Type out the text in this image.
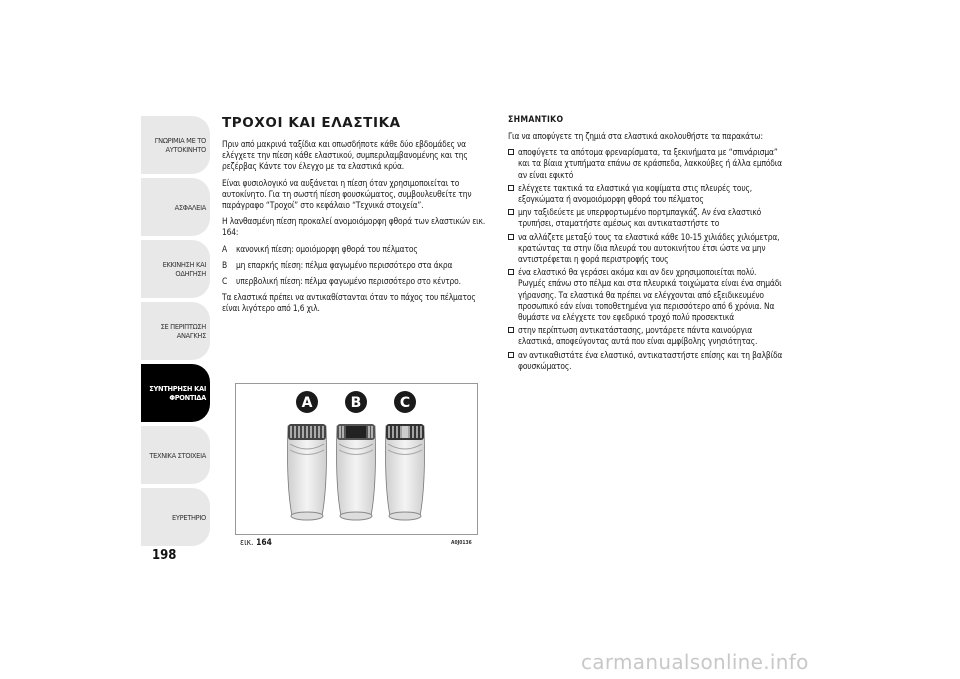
ΓΝΩΡΙΜΙΑ ΜΕ ΤΟ
ΑΥΤΟΚΙΝΗΤΟ
ΑΣΦΑΛΕΙΑ
ΕΚΚΙΝΗΣΗ ΚΑΙ
ΟΔΗΓΗΣΗ
ΣΕ ΠΕΡΙΠΤΩΣΗ
ΑΝΑΓΚΗΣ
ΣΥΝΤΗΡΗΣΗ ΚΑΙ
ΦΡΟΝΤΙΔΑ
ΤΕΧΝΙΚΑ ΣΤΟΙΧΕΙΑ
ΕΥΡΕΤΗΡΙΟ
198
ΤΡΟΧΟΙ ΚΑΙ ΕΛΑΣΤΙΚΑ

Πριν από μακρινά ταξίδια και οπωσδήποτε κάθε δύο εβδομάδες να ελέγχετε την πίεση κάθε ελαστικού, συμπεριλαμβανομένης και της ρεζέρβας Κάντε τον έλεγχο με τα ελαστικά κρύα.

Είναι φυσιολογικό να αυξάνεται η πίεση όταν χρησιμοποιείται το αυτοκίνητο. Για τη σωστή πίεση φουσκώματος, συμβουλευθείτε την παράγραφο “Τροχοί” στο κεφάλαιο “Τεχνικά στοιχεία”.

Η λανθασμένη πίεση προκαλεί ανομοιόμορφη φθορά των ελαστικών εικ. 164:

A	κανονική πίεση: ομοιόμορφη φθορά του πέλματος
B	μη επαρκής πίεση: πέλμα φαγωμένο περισσότερο στα άκρα
C	υπερβολική πίεση: πέλμα φαγωμένο περισσότερο στο κέντρο.

Τα ελαστικά πρέπει να αντικαθίστανται όταν το πάχος του πέλματος είναι λιγότερο από 1,6 χιλ.

A	B	C
εικ. 164	A0J0136
ΣΗΜΑΝΤΙΚΟ

Για να αποφύγετε τη ζημιά στα ελαστικά ακολουθήστε τα παρακάτω:

αποφύγετε τα απότομα φρεναρίσματα, τα ξεκινήματα με “σπινάρισμα” και τα βίαια χτυπήματα επάνω σε κράσπεδα, λακκούβες ή άλλα εμπόδια αν είναι εφικτό
ελέγχετε τακτικά τα ελαστικά για κοψίματα στις πλευρές τους, εξογκώματα ή ανομοιόμορφη φθορά του πέλματος
μην ταξιδεύετε με υπερφορτωμένο πορτμπαγκάζ. Αν ένα ελαστικό τρυπήσει, σταματήστε αμέσως και αντικαταστήστε το
να αλλάζετε μεταξύ τους τα ελαστικά κάθε 10-15 χιλιάδες χιλιόμετρα, κρατώντας τα στην ίδια πλευρά του αυτοκινήτου έτσι ώστε να μην αντιστρέφεται η φορά περιστροφής τους
ένα ελαστικό θα γεράσει ακόμα και αν δεν χρησιμοποιείται πολύ. Ρωγμές επάνω στο πέλμα και στα πλευρικά τοιχώματα είναι ένα σημάδι γήρανσης. Τα ελαστικά θα πρέπει να ελέγχονται από εξειδικευμένο προσωπικό εάν είναι τοποθετημένα για περισσότερο από 6 χρόνια. Να θυμάστε να ελέγχετε τον εφεδρικό τροχό πολύ προσεκτικά
στην περίπτωση αντικατάστασης, μοντάρετε πάντα καινούργια ελαστικά, αποφεύγοντας αυτά που είναι αμφίβολης γνησιότητας.
αν αντικαθιστάτε ένα ελαστικό, αντικαταστήστε επίσης και τη βαλβίδα φουσκώματος.
carmanualsonline.info
